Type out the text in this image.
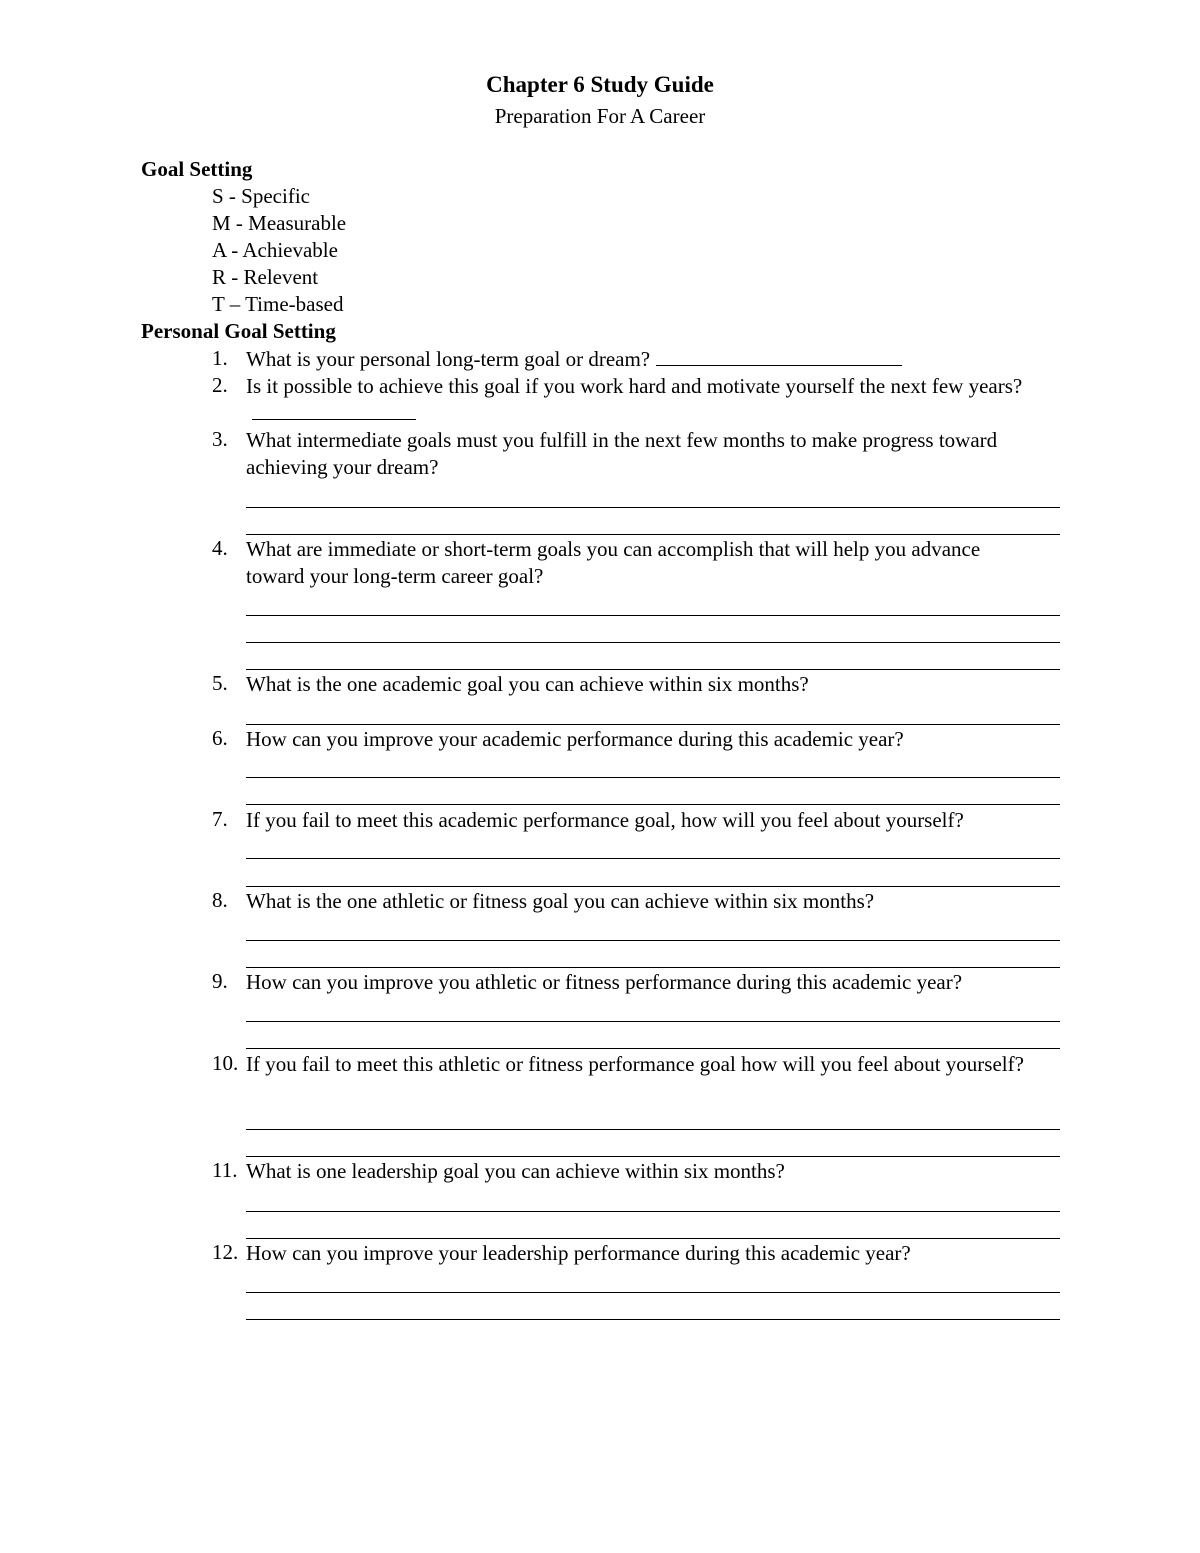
Chapter 6 Study Guide
Preparation For A Career
Goal Setting
S - Specific
M - Measurable
A - Achievable
R - Relevent
T – Time-based
Personal Goal Setting
1. What is your personal long-term goal or dream?
2. Is it possible to achieve this goal if you work hard and motivate yourself the next few years?
3. What intermediate goals must you fulfill in the next few months to make progress toward achieving your dream?
4. What are immediate or short-term goals you can accomplish that will help you advance toward your long-term career goal?
5. What is the one academic goal you can achieve within six months?
6. How can you improve your academic performance during this academic year?
7. If you fail to meet this academic performance goal, how will you feel about yourself?
8. What is the one athletic or fitness goal you can achieve within six months?
9. How can you improve you athletic or fitness performance during this academic year?
10. If you fail to meet this athletic or fitness performance goal how will you feel about yourself?
11. What is one leadership goal you can achieve within six months?
12. How can you improve your leadership performance during this academic year?
